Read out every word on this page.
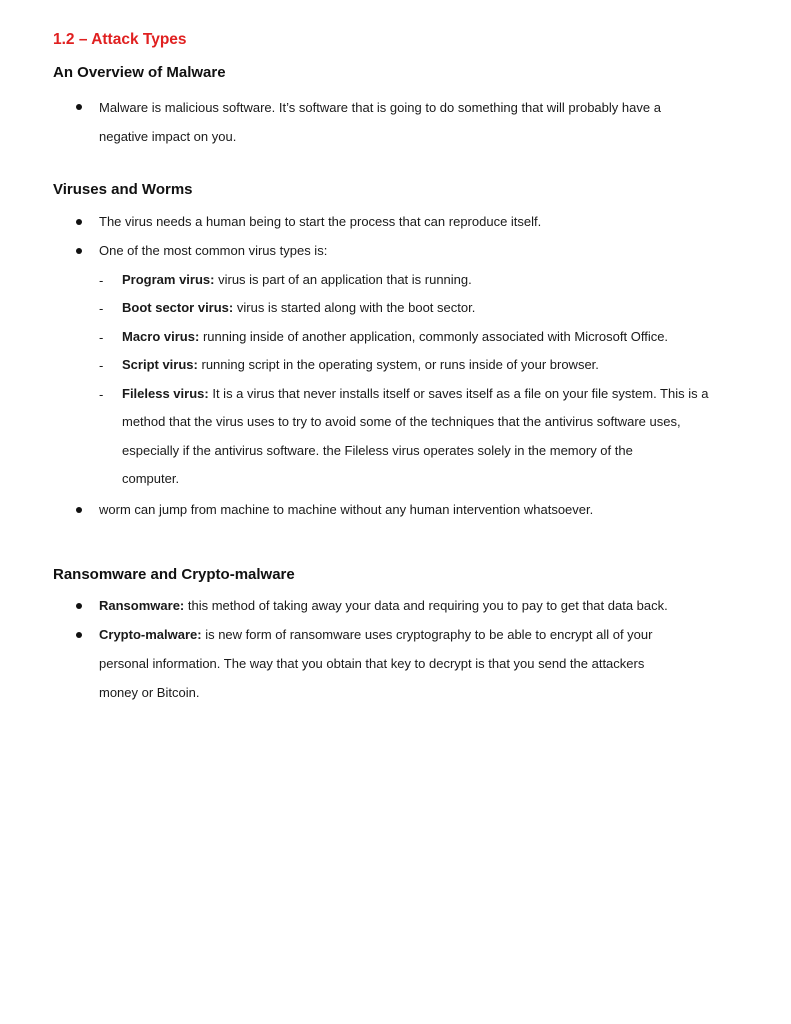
1.2 – Attack Types
An Overview of Malware
Malware is malicious software. It’s software that is going to do something that will probably have a
negative impact on you.
Viruses and Worms
The virus needs a human being to start the process that can reproduce itself.
One of the most common virus types is:
- Program virus: virus is part of an application that is running.
- Boot sector virus: virus is started along with the boot sector.
- Macro virus: running inside of another application, commonly associated with Microsoft Office.
- Script virus: running script in the operating system, or runs inside of your browser.
- Fileless virus: It is a virus that never installs itself or saves itself as a file on your file system. This is a
method that the virus uses to try to avoid some of the techniques that the antivirus software uses,
especially if the antivirus software. the Fileless virus operates solely in the memory of the
computer.
worm can jump from machine to machine without any human intervention whatsoever.
Ransomware and Crypto-malware
Ransomware: this method of taking away your data and requiring you to pay to get that data back.
Crypto-malware: is new form of ransomware uses cryptography to be able to encrypt all of your
personal information. The way that you obtain that key to decrypt is that you send the attackers
money or Bitcoin.
